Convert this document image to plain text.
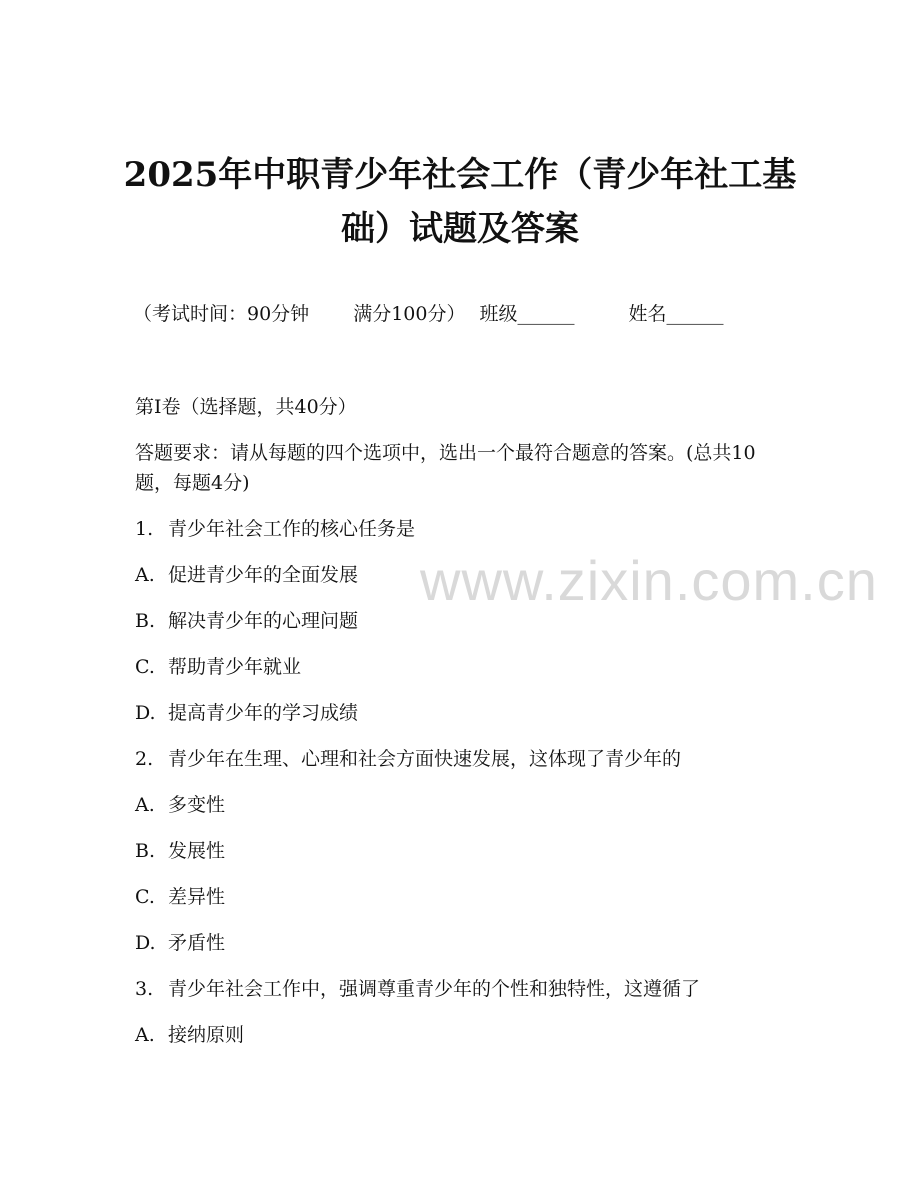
2025年中职青少年社会工作（青少年社工基础）试题及答案
（考试时间：90分钟 满分100分） 班级______	姓名______
第Ⅰ卷（选择题，共40分）
答题要求：请从每题的四个选项中，选出一个最符合题意的答案。(总共10题，每题4分)
1. 青少年社会工作的核心任务是
A. 促进青少年的全面发展
B. 解决青少年的心理问题
C. 帮助青少年就业
D. 提高青少年的学习成绩
2. 青少年在生理、心理和社会方面快速发展，这体现了青少年的
A. 多变性
B. 发展性
C. 差异性
D. 矛盾性
3. 青少年社会工作中，强调尊重青少年的个性和独特性，这遵循了
A. 接纳原则
www.zixin.com.cn
